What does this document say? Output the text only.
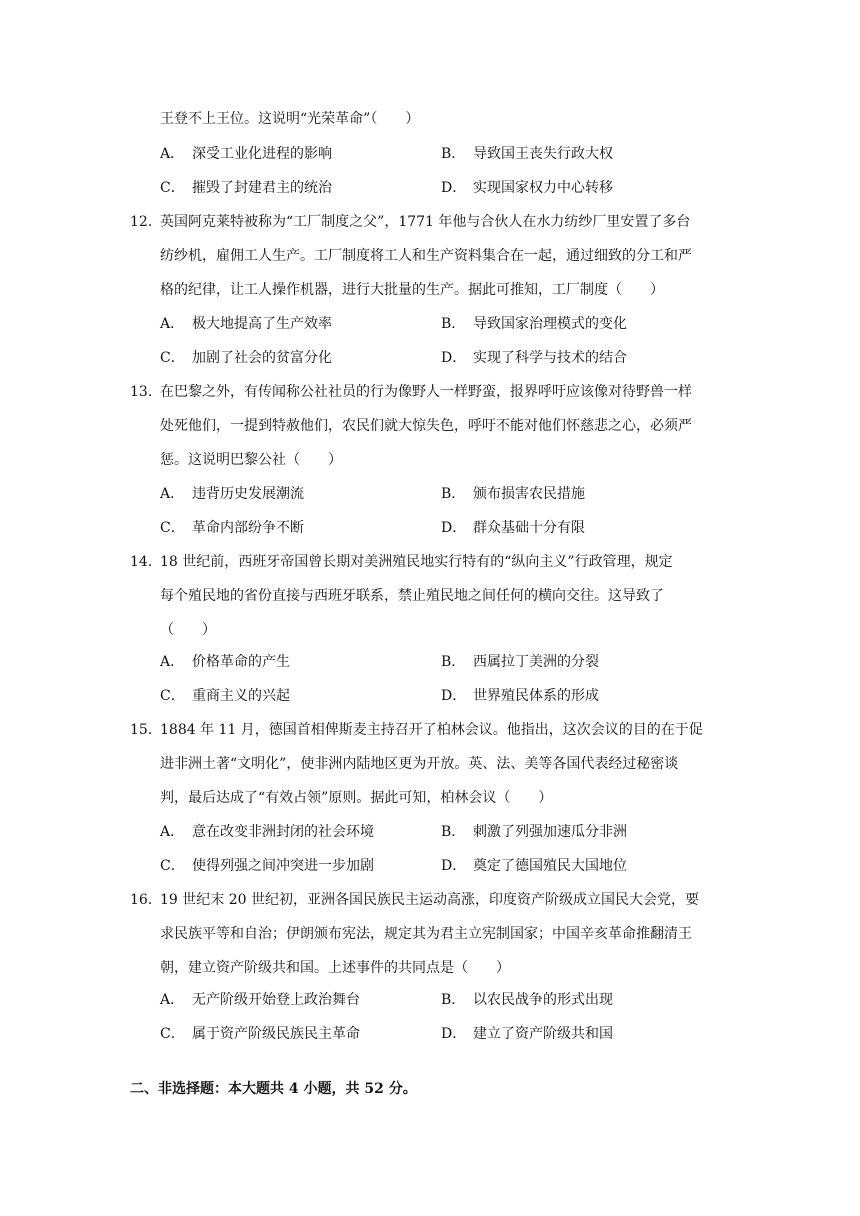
王登不上王位。这说明“光荣革命”（　　）
A． 深受工业化进程的影响	B． 导致国王丧失行政大权
C． 摧毁了封建君主的统治	D． 实现国家权力中心转移
12. 英国阿克莱特被称为“工厂制度之父”，1771 年他与合伙人在水力纺纱厂里安置了多台
纺纱机，雇佣工人生产。工厂制度将工人和生产资料集合在一起，通过细致的分工和严
格的纪律，让工人操作机器，进行大批量的生产。据此可推知，工厂制度（　　）
A． 极大地提高了生产效率	B． 导致国家治理模式的变化
C． 加剧了社会的贫富分化	D． 实现了科学与技术的结合
13. 在巴黎之外，有传闻称公社社员的行为像野人一样野蛮，报界呼吁应该像对待野兽一样
处死他们，一提到特赦他们，农民们就大惊失色，呼吁不能对他们怀慈悲之心，必须严
惩。这说明巴黎公社（　　）
A． 违背历史发展潮流	B． 颁布损害农民措施
C． 革命内部纷争不断	D． 群众基础十分有限
14. 18 世纪前，西班牙帝国曾长期对美洲殖民地实行特有的“纵向主义”行政管理，规定
每个殖民地的省份直接与西班牙联系，禁止殖民地之间任何的横向交往。这导致了
（　　）
A． 价格革命的产生	B． 西属拉丁美洲的分裂
C． 重商主义的兴起	D． 世界殖民体系的形成
15. 1884 年 11 月，德国首相俾斯麦主持召开了柏林会议。他指出，这次会议的目的在于促
进非洲土著“文明化”，使非洲内陆地区更为开放。英、法、美等各国代表经过秘密谈
判，最后达成了“有效占领”原则。据此可知，柏林会议（　　）
A． 意在改变非洲封闭的社会环境	B． 刺激了列强加速瓜分非洲
C． 使得列强之间冲突进一步加剧	D． 奠定了德国殖民大国地位
16. 19 世纪末 20 世纪初，亚洲各国民族民主运动高涨，印度资产阶级成立国民大会党，要
求民族平等和自治；伊朗颁布宪法，规定其为君主立宪制国家；中国辛亥革命推翻清王
朝，建立资产阶级共和国。上述事件的共同点是（　　）
A． 无产阶级开始登上政治舞台	B． 以农民战争的形式出现
C． 属于资产阶级民族民主革命	D． 建立了资产阶级共和国
二、非选择题：本大题共 4 小题，共 52 分。
